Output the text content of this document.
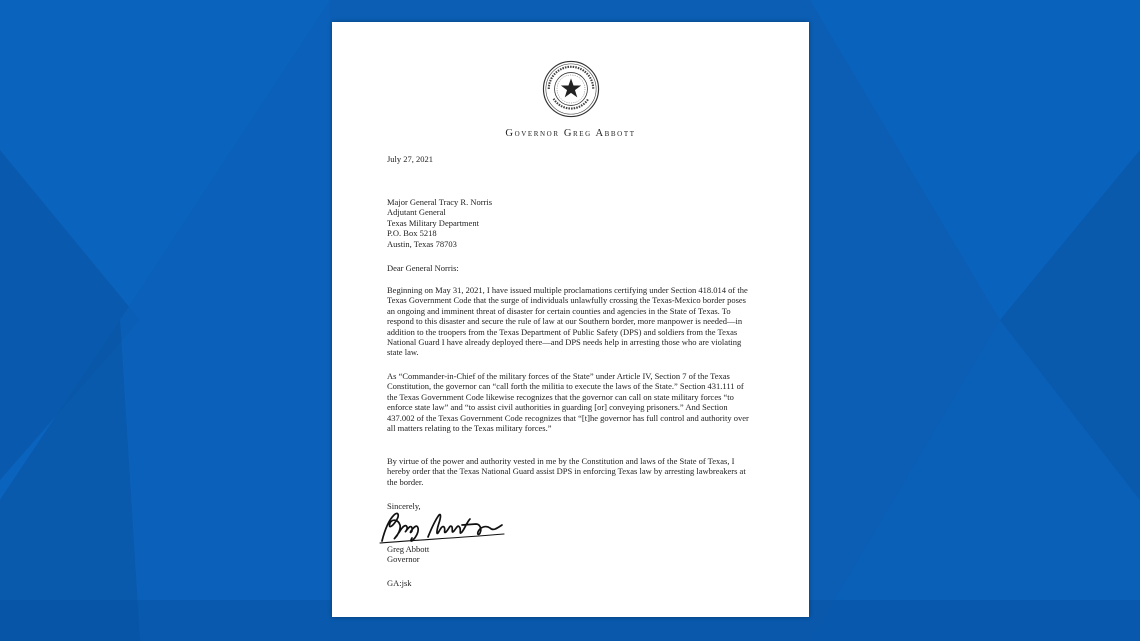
Governor Greg Abbott
July 27, 2021
Major General Tracy R. Norris
Adjutant General
Texas Military Department
P.O. Box 5218
Austin, Texas 78703
Dear General Norris:

Beginning on May 31, 2021, I have issued multiple proclamations certifying under Section 418.014 of the Texas Government Code that the surge of individuals unlawfully crossing the Texas-Mexico border poses an ongoing and imminent threat of disaster for certain counties and agencies in the State of Texas. To respond to this disaster and secure the rule of law at our Southern border, more manpower is needed—in addition to the troopers from the Texas Department of Public Safety (DPS) and soldiers from the Texas National Guard I have already deployed there—and DPS needs help in arresting those who are violating state law.

As “Commander-in-Chief of the military forces of the State” under Article IV, Section 7 of the Texas Constitution, the governor can “call forth the militia to execute the laws of the State.” Section 431.111 of the Texas Government Code likewise recognizes that the governor can call on state military forces “to enforce state law” and “to assist civil authorities in guarding [or] conveying prisoners.” And Section 437.002 of the Texas Government Code recognizes that “[t]he governor has full control and authority over all matters relating to the Texas military forces.”

By virtue of the power and authority vested in me by the Constitution and laws of the State of Texas, I hereby order that the Texas National Guard assist DPS in enforcing Texas law by arresting lawbreakers at the border.

Sincerely,
Greg Abbott
Governor
GA:jsk
